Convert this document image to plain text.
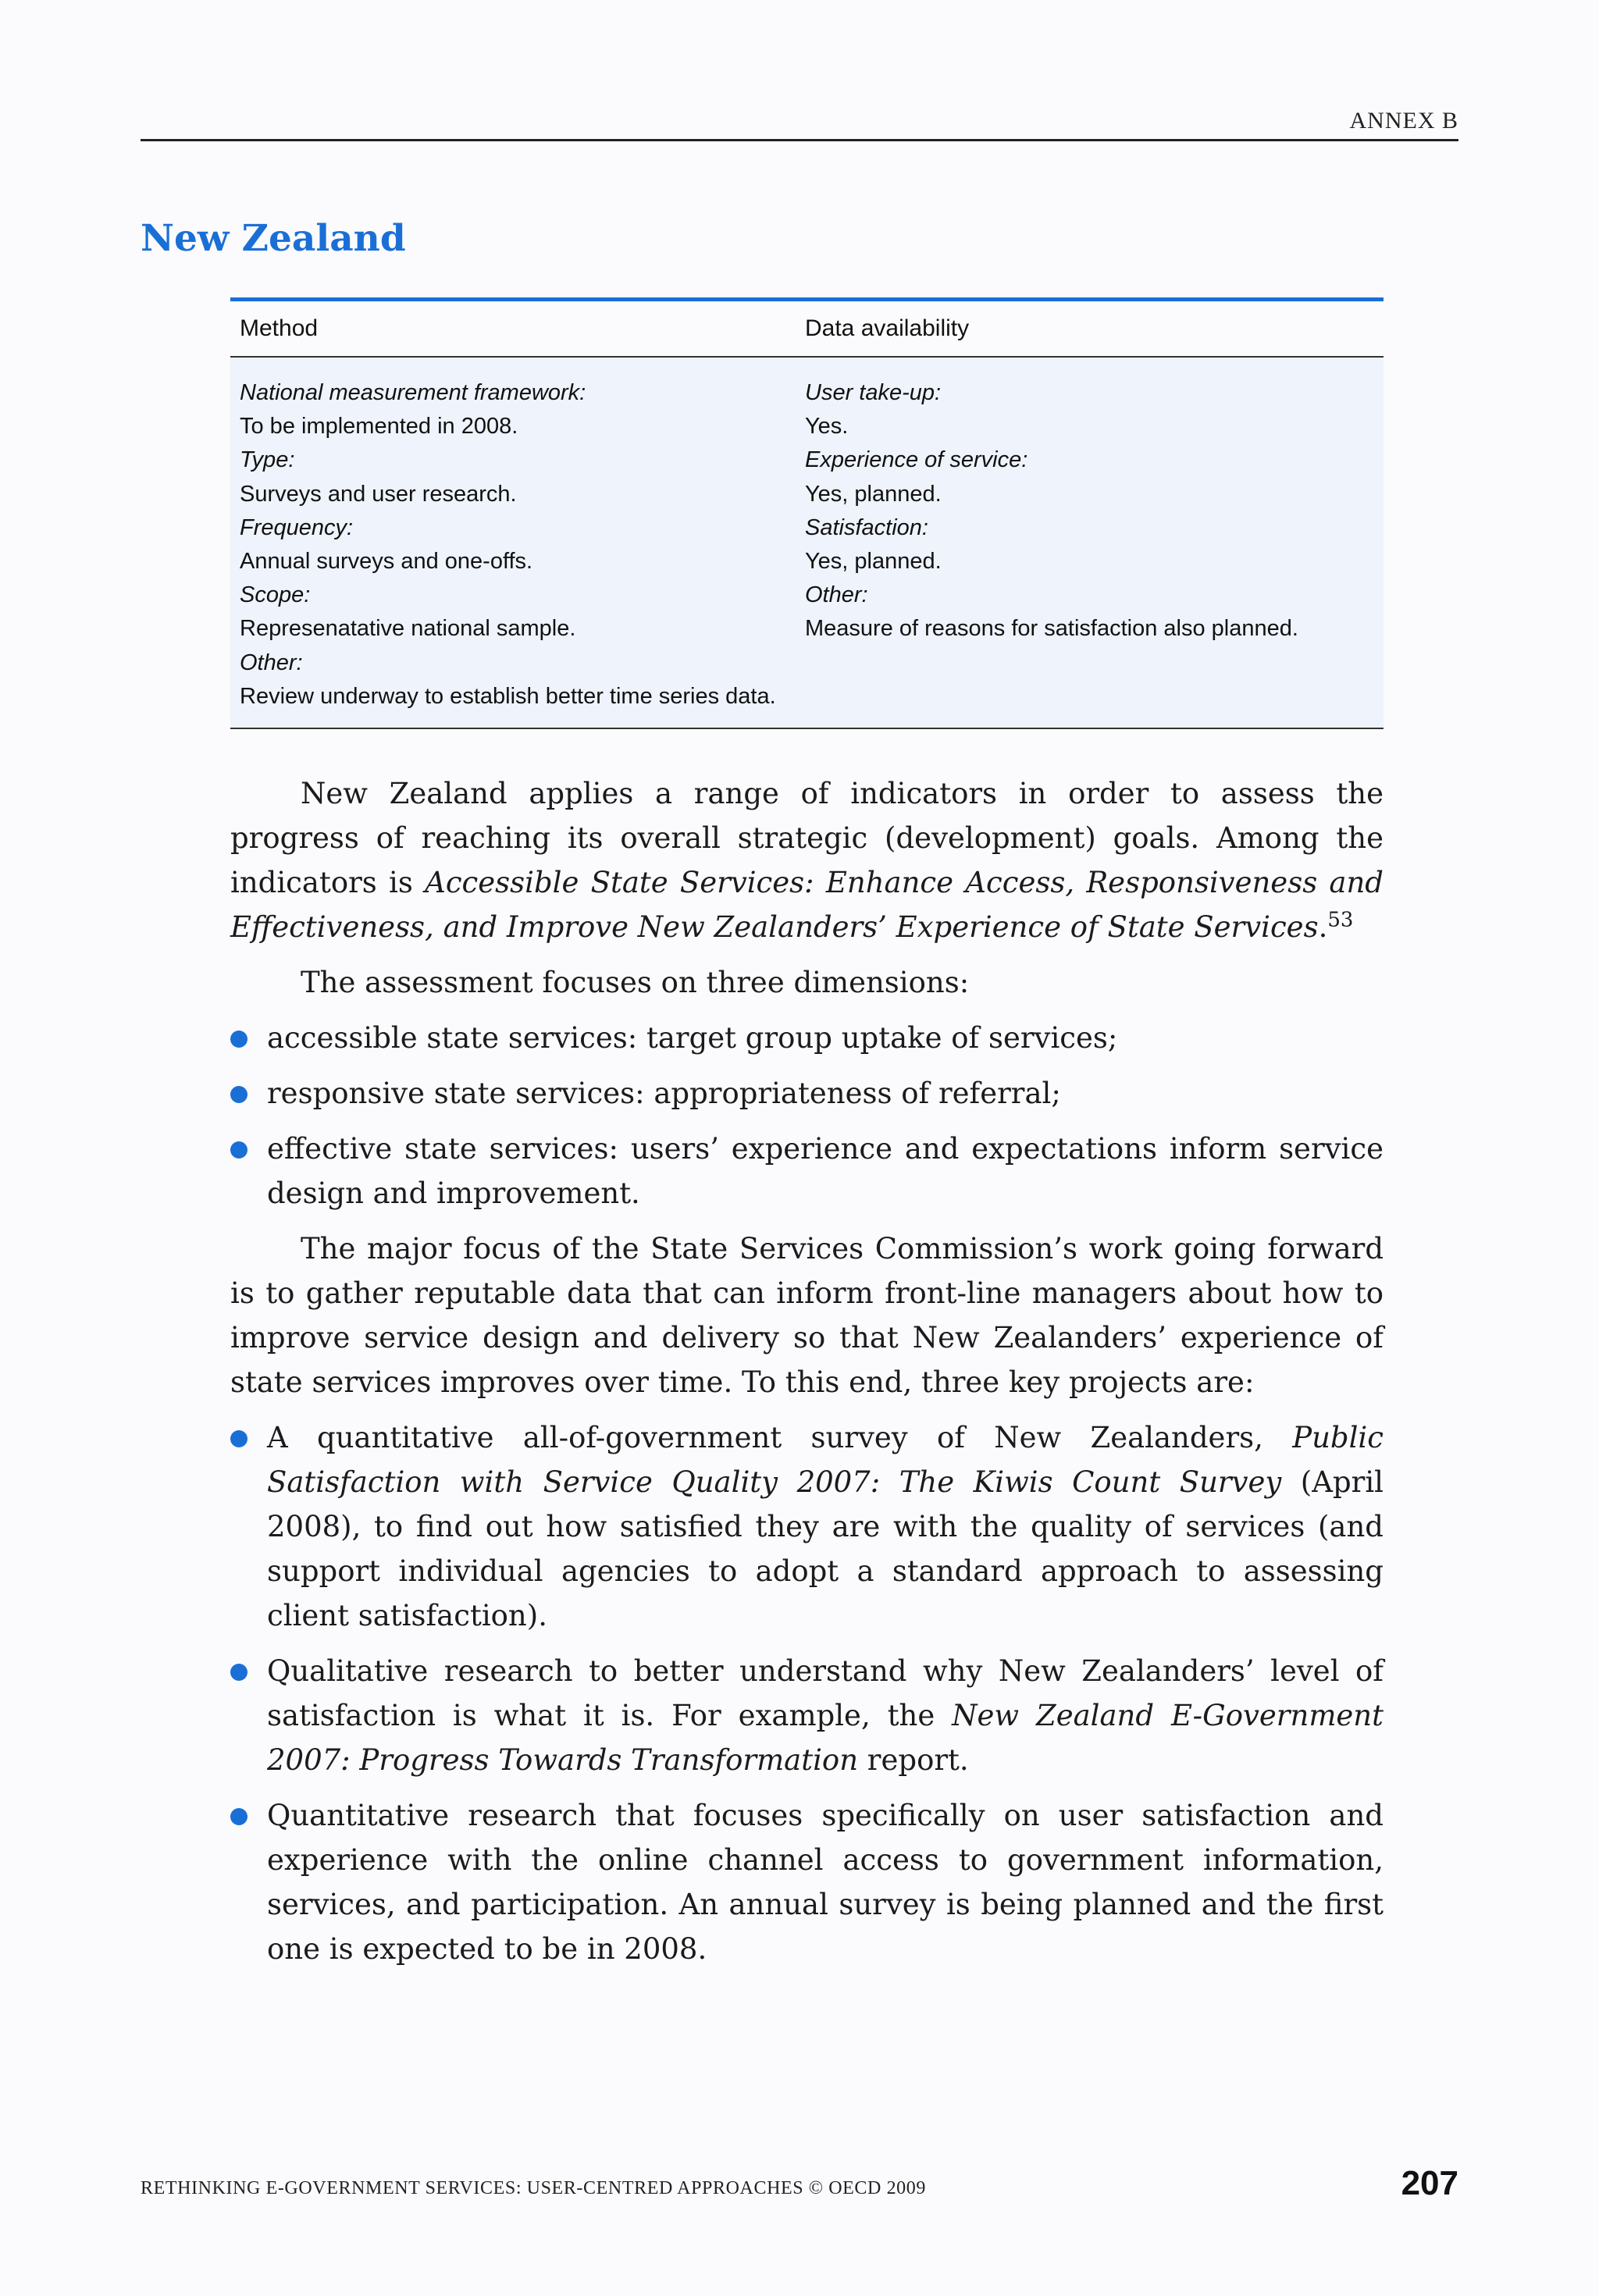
ANNEX B
New Zealand
Method	Data availability
National measurement framework:
To be implemented in 2008.
Type:
Surveys and user research.
Frequency:
Annual surveys and one-offs.
Scope:
Represenatative national sample.
Other:
Review underway to establish better time series data.
User take-up:
Yes.
Experience of service:
Yes, planned.
Satisfaction:
Yes, planned.
Other:
Measure of reasons for satisfaction also planned.

New Zealand applies a range of indicators in order to assess the progress of reaching its overall strategic (development) goals. Among the indicators is Accessible State Services: Enhance Access, Responsiveness and Effectiveness, and Improve New Zealanders’ Experience of State Services.$^{53}$

The assessment focuses on three dimensions:

accessible state services: target group uptake of services;
responsive state services: appropriateness of referral;
effective state services: users’ experience and expectations inform service design and improvement.

The major focus of the State Services Commission’s work going forward is to gather reputable data that can inform front-line managers about how to improve service design and delivery so that New Zealanders’ experience of state services improves over time. To this end, three key projects are:

A quantitative all-of-government survey of New Zealanders, Public Satisfaction with Service Quality 2007: The Kiwis Count Survey (April 2008), to find out how satisfied they are with the quality of services (and support individual agencies to adopt a standard approach to assessing client satisfaction).
Qualitative research to better understand why New Zealanders’ level of satisfaction is what it is. For example, the New Zealand E-Government 2007: Progress Towards Transformation report.
Quantitative research that focuses specifically on user satisfaction and experience with the online channel access to government information, services, and participation. An annual survey is being planned and the first one is expected to be in 2008.
RETHINKING E-GOVERNMENT SERVICES: USER-CENTRED APPROACHES © OECD 2009	207
